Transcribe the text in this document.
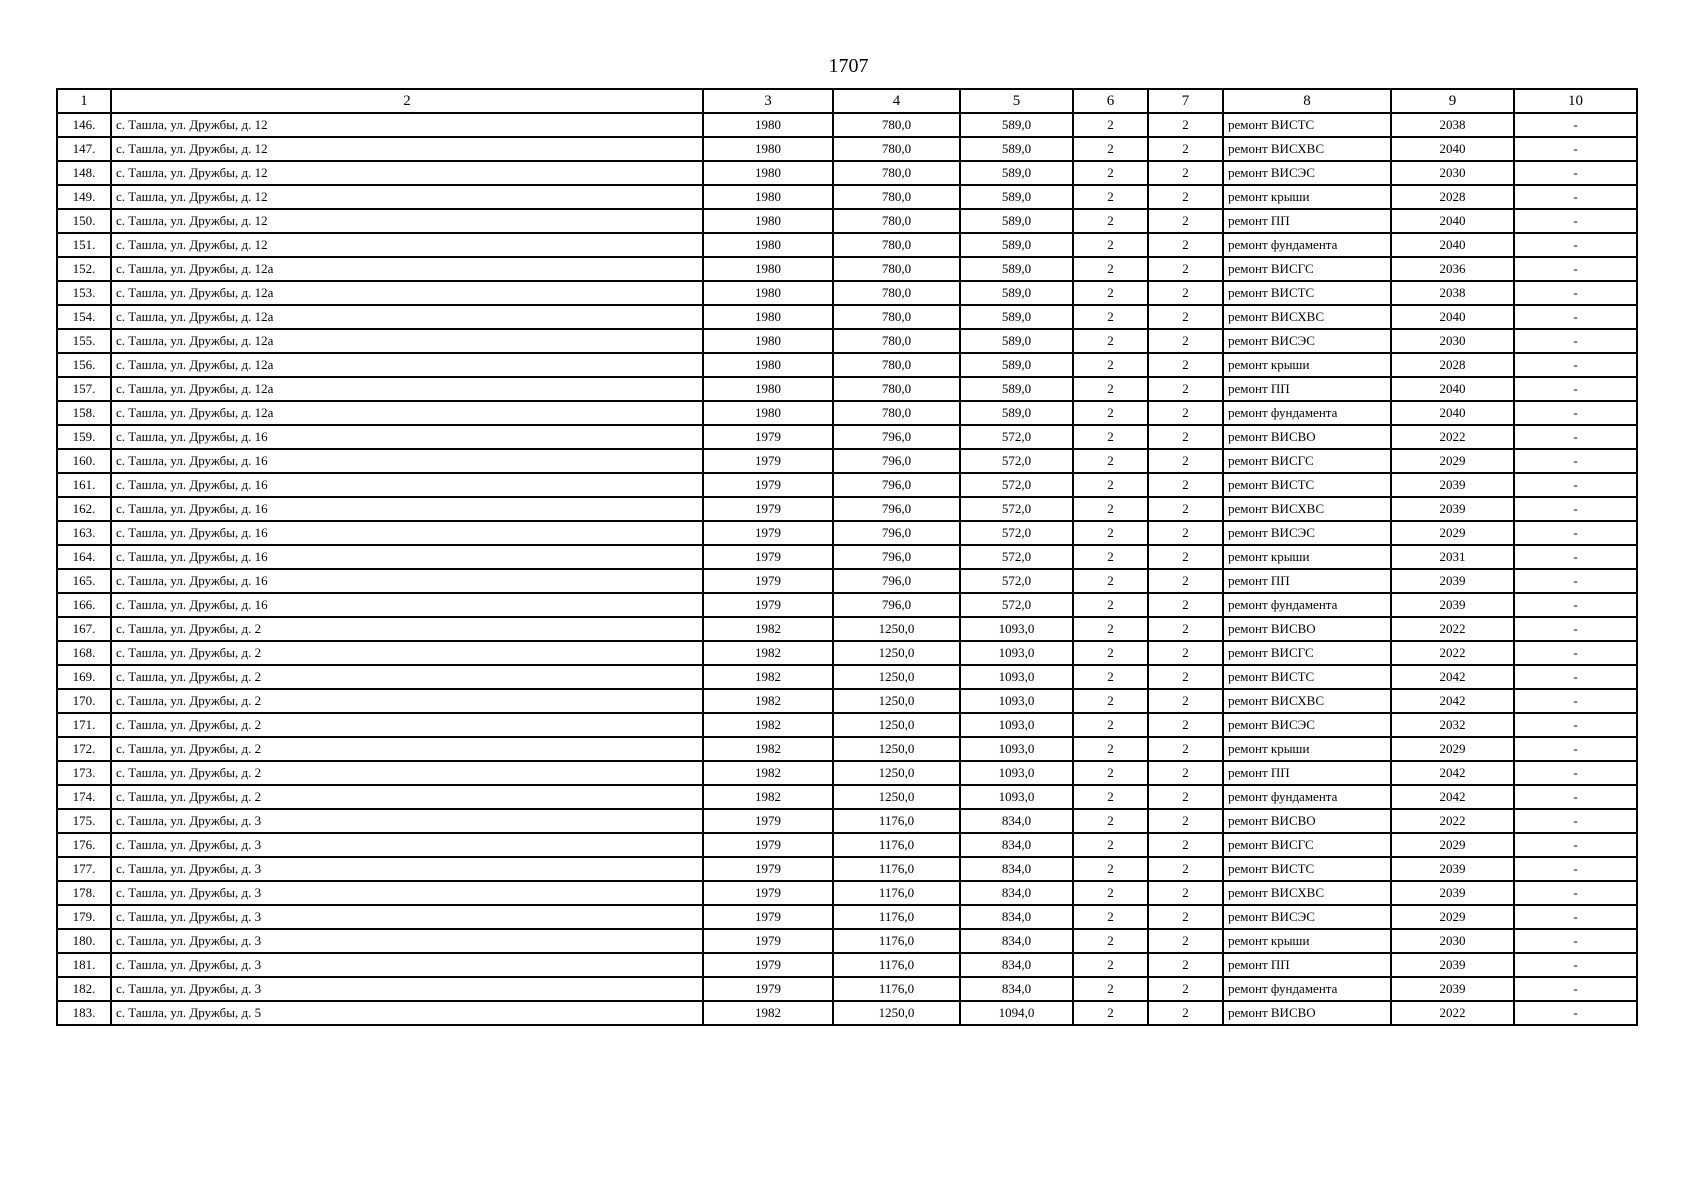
1707
1	2	3	4	5	6	7	8	9	10
146.	с. Ташла, ул. Дружбы, д. 12	1980	780,0	589,0	2	2	ремонт ВИСТС	2038	-
147.	с. Ташла, ул. Дружбы, д. 12	1980	780,0	589,0	2	2	ремонт ВИСХВС	2040	-
148.	с. Ташла, ул. Дружбы, д. 12	1980	780,0	589,0	2	2	ремонт ВИСЭС	2030	-
149.	с. Ташла, ул. Дружбы, д. 12	1980	780,0	589,0	2	2	ремонт крыши	2028	-
150.	с. Ташла, ул. Дружбы, д. 12	1980	780,0	589,0	2	2	ремонт ПП	2040	-
151.	с. Ташла, ул. Дружбы, д. 12	1980	780,0	589,0	2	2	ремонт фундамента	2040	-
152.	с. Ташла, ул. Дружбы, д. 12а	1980	780,0	589,0	2	2	ремонт ВИСГС	2036	-
153.	с. Ташла, ул. Дружбы, д. 12а	1980	780,0	589,0	2	2	ремонт ВИСТС	2038	-
154.	с. Ташла, ул. Дружбы, д. 12а	1980	780,0	589,0	2	2	ремонт ВИСХВС	2040	-
155.	с. Ташла, ул. Дружбы, д. 12а	1980	780,0	589,0	2	2	ремонт ВИСЭС	2030	-
156.	с. Ташла, ул. Дружбы, д. 12а	1980	780,0	589,0	2	2	ремонт крыши	2028	-
157.	с. Ташла, ул. Дружбы, д. 12а	1980	780,0	589,0	2	2	ремонт ПП	2040	-
158.	с. Ташла, ул. Дружбы, д. 12а	1980	780,0	589,0	2	2	ремонт фундамента	2040	-
159.	с. Ташла, ул. Дружбы, д. 16	1979	796,0	572,0	2	2	ремонт ВИСВО	2022	-
160.	с. Ташла, ул. Дружбы, д. 16	1979	796,0	572,0	2	2	ремонт ВИСГС	2029	-
161.	с. Ташла, ул. Дружбы, д. 16	1979	796,0	572,0	2	2	ремонт ВИСТС	2039	-
162.	с. Ташла, ул. Дружбы, д. 16	1979	796,0	572,0	2	2	ремонт ВИСХВС	2039	-
163.	с. Ташла, ул. Дружбы, д. 16	1979	796,0	572,0	2	2	ремонт ВИСЭС	2029	-
164.	с. Ташла, ул. Дружбы, д. 16	1979	796,0	572,0	2	2	ремонт крыши	2031	-
165.	с. Ташла, ул. Дружбы, д. 16	1979	796,0	572,0	2	2	ремонт ПП	2039	-
166.	с. Ташла, ул. Дружбы, д. 16	1979	796,0	572,0	2	2	ремонт фундамента	2039	-
167.	с. Ташла, ул. Дружбы, д. 2	1982	1250,0	1093,0	2	2	ремонт ВИСВО	2022	-
168.	с. Ташла, ул. Дружбы, д. 2	1982	1250,0	1093,0	2	2	ремонт ВИСГС	2022	-
169.	с. Ташла, ул. Дружбы, д. 2	1982	1250,0	1093,0	2	2	ремонт ВИСТС	2042	-
170.	с. Ташла, ул. Дружбы, д. 2	1982	1250,0	1093,0	2	2	ремонт ВИСХВС	2042	-
171.	с. Ташла, ул. Дружбы, д. 2	1982	1250,0	1093,0	2	2	ремонт ВИСЭС	2032	-
172.	с. Ташла, ул. Дружбы, д. 2	1982	1250,0	1093,0	2	2	ремонт крыши	2029	-
173.	с. Ташла, ул. Дружбы, д. 2	1982	1250,0	1093,0	2	2	ремонт ПП	2042	-
174.	с. Ташла, ул. Дружбы, д. 2	1982	1250,0	1093,0	2	2	ремонт фундамента	2042	-
175.	с. Ташла, ул. Дружбы, д. 3	1979	1176,0	834,0	2	2	ремонт ВИСВО	2022	-
176.	с. Ташла, ул. Дружбы, д. 3	1979	1176,0	834,0	2	2	ремонт ВИСГС	2029	-
177.	с. Ташла, ул. Дружбы, д. 3	1979	1176,0	834,0	2	2	ремонт ВИСТС	2039	-
178.	с. Ташла, ул. Дружбы, д. 3	1979	1176,0	834,0	2	2	ремонт ВИСХВС	2039	-
179.	с. Ташла, ул. Дружбы, д. 3	1979	1176,0	834,0	2	2	ремонт ВИСЭС	2029	-
180.	с. Ташла, ул. Дружбы, д. 3	1979	1176,0	834,0	2	2	ремонт крыши	2030	-
181.	с. Ташла, ул. Дружбы, д. 3	1979	1176,0	834,0	2	2	ремонт ПП	2039	-
182.	с. Ташла, ул. Дружбы, д. 3	1979	1176,0	834,0	2	2	ремонт фундамента	2039	-
183.	с. Ташла, ул. Дружбы, д. 5	1982	1250,0	1094,0	2	2	ремонт ВИСВО	2022	-
